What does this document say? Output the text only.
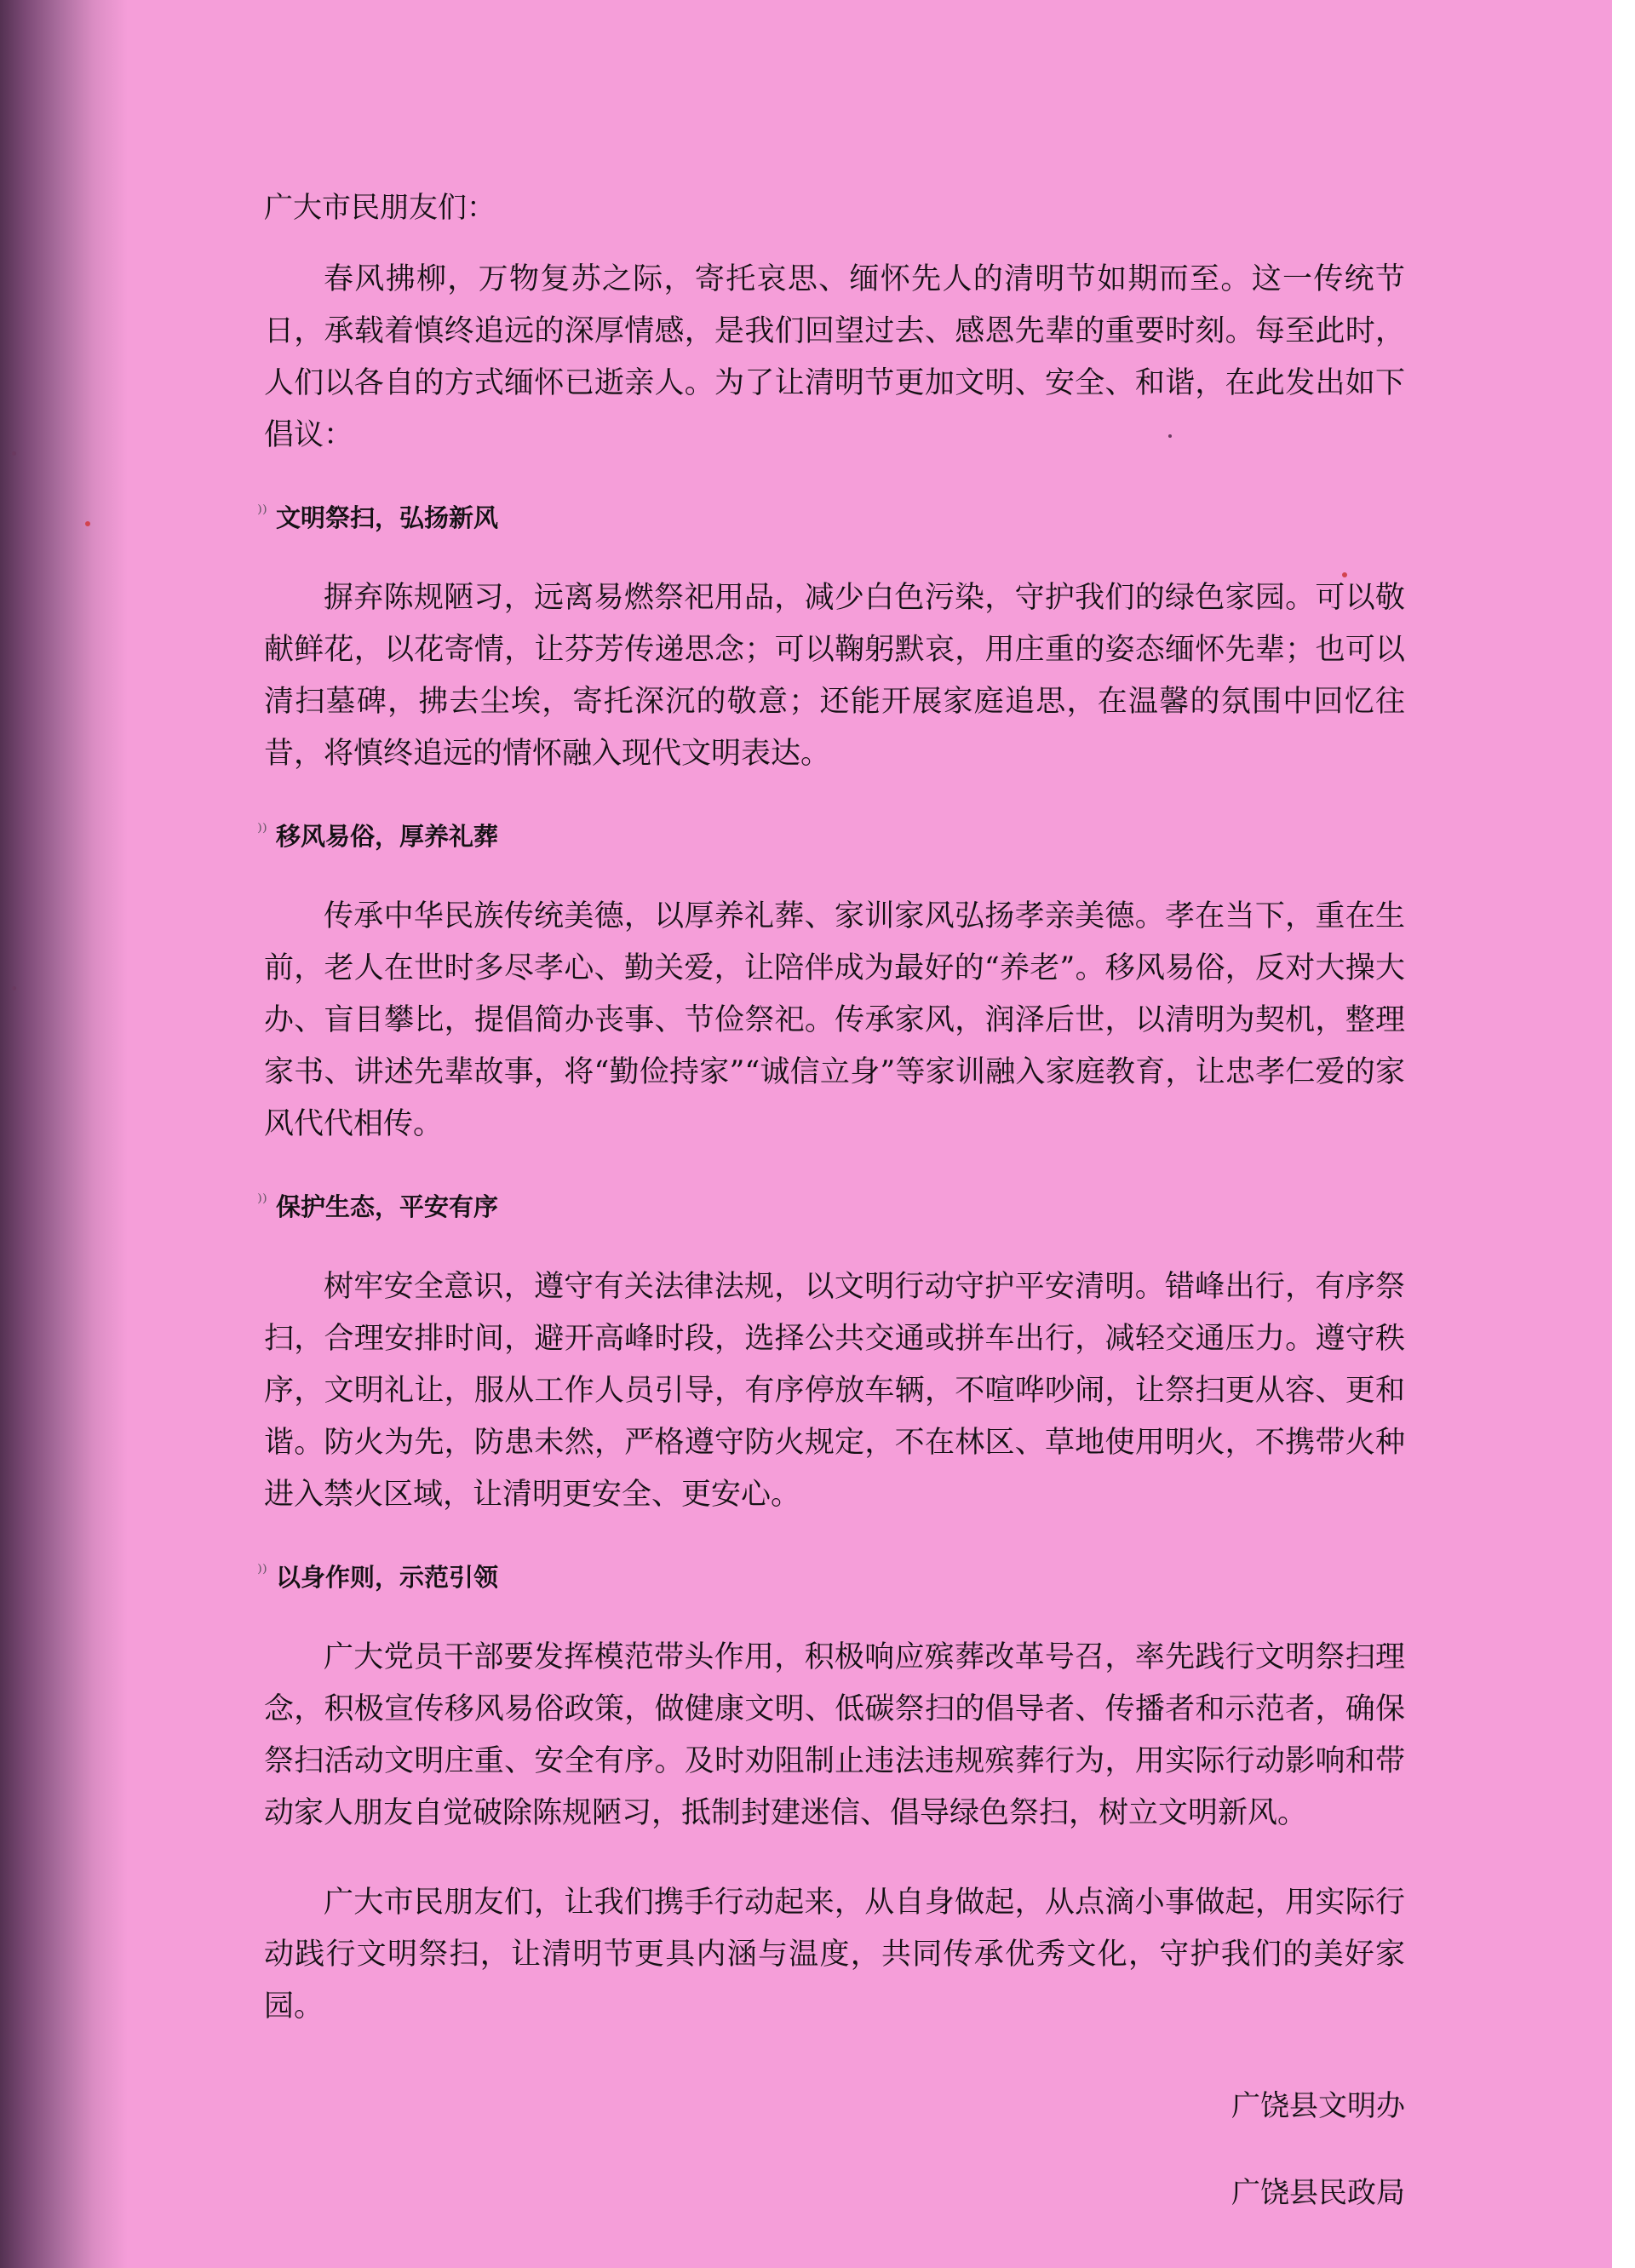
广大市民朋友们：

春风拂柳，万物复苏之际，寄托哀思、缅怀先人的清明节如期而至。这一传统节日，承载着慎终追远的深厚情感，是我们回望过去、感恩先辈的重要时刻。每至此时，人们以各自的方式缅怀已逝亲人。为了让清明节更加文明、安全、和谐，在此发出如下倡议：

⁾⁾ 文明祭扫，弘扬新风

摒弃陈规陋习，远离易燃祭祀用品，减少白色污染，守护我们的绿色家园。可以敬献鲜花，以花寄情，让芬芳传递思念；可以鞠躬默哀，用庄重的姿态缅怀先辈；也可以清扫墓碑，拂去尘埃，寄托深沉的敬意；还能开展家庭追思，在温馨的氛围中回忆往昔，将慎终追远的情怀融入现代文明表达。

⁾⁾ 移风易俗，厚养礼葬

传承中华民族传统美德，以厚养礼葬、家训家风弘扬孝亲美德。孝在当下，重在生前，老人在世时多尽孝心、勤关爱，让陪伴成为最好的“养老”。移风易俗，反对大操大办、盲目攀比，提倡简办丧事、节俭祭祀。传承家风，润泽后世，以清明为契机，整理家书、讲述先辈故事，将“勤俭持家”“诚信立身”等家训融入家庭教育，让忠孝仁爱的家风代代相传。

⁾⁾ 保护生态，平安有序

树牢安全意识，遵守有关法律法规，以文明行动守护平安清明。错峰出行，有序祭扫，合理安排时间，避开高峰时段，选择公共交通或拼车出行，减轻交通压力。遵守秩序，文明礼让，服从工作人员引导，有序停放车辆，不喧哗吵闹，让祭扫更从容、更和谐。防火为先，防患未然，严格遵守防火规定，不在林区、草地使用明火，不携带火种进入禁火区域，让清明更安全、更安心。

⁾⁾ 以身作则，示范引领

广大党员干部要发挥模范带头作用，积极响应殡葬改革号召，率先践行文明祭扫理念，积极宣传移风易俗政策，做健康文明、低碳祭扫的倡导者、传播者和示范者，确保祭扫活动文明庄重、安全有序。及时劝阻制止违法违规殡葬行为，用实际行动影响和带动家人朋友自觉破除陈规陋习，抵制封建迷信、倡导绿色祭扫，树立文明新风。

广大市民朋友们，让我们携手行动起来，从自身做起，从点滴小事做起，用实际行动践行文明祭扫，让清明节更具内涵与温度，共同传承优秀文化，守护我们的美好家园。

广饶县文明办

广饶县民政局
